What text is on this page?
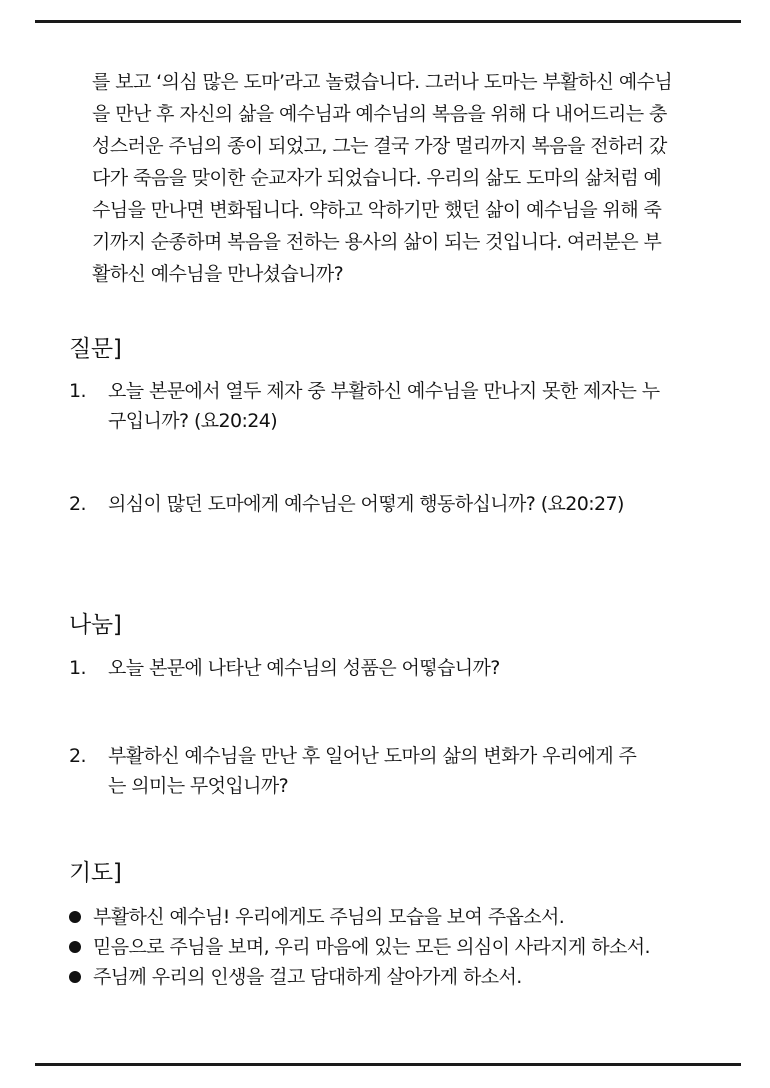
를 보고 ‘의심 많은 도마’라고 놀렸습니다. 그러나 도마는 부활하신 예수님
을 만난 후 자신의 삶을 예수님과 예수님의 복음을 위해 다 내어드리는 충
성스러운 주님의 종이 되었고, 그는 결국 가장 멀리까지 복음을 전하러 갔
다가 죽음을 맞이한 순교자가 되었습니다. 우리의 삶도 도마의 삶처럼 예
수님을 만나면 변화됩니다. 약하고 악하기만 했던 삶이 예수님을 위해 죽
기까지 순종하며 복음을 전하는 용사의 삶이 되는 것입니다. 여러분은 부
활하신 예수님을 만나셨습니까?
질문]
1. 오늘 본문에서 열두 제자 중 부활하신 예수님을 만나지 못한 제자는 누
구입니까? (요20:24)
2. 의심이 많던 도마에게 예수님은 어떻게 행동하십니까? (요20:27)
나눔]
1. 오늘 본문에 나타난 예수님의 성품은 어떻습니까?
2. 부활하신 예수님을 만난 후 일어난 도마의 삶의 변화가 우리에게 주
는 의미는 무엇입니까?
기도]
부활하신 예수님! 우리에게도 주님의 모습을 보여 주옵소서.
믿음으로 주님을 보며, 우리 마음에 있는 모든 의심이 사라지게 하소서.
주님께 우리의 인생을 걸고 담대하게 살아가게 하소서.
